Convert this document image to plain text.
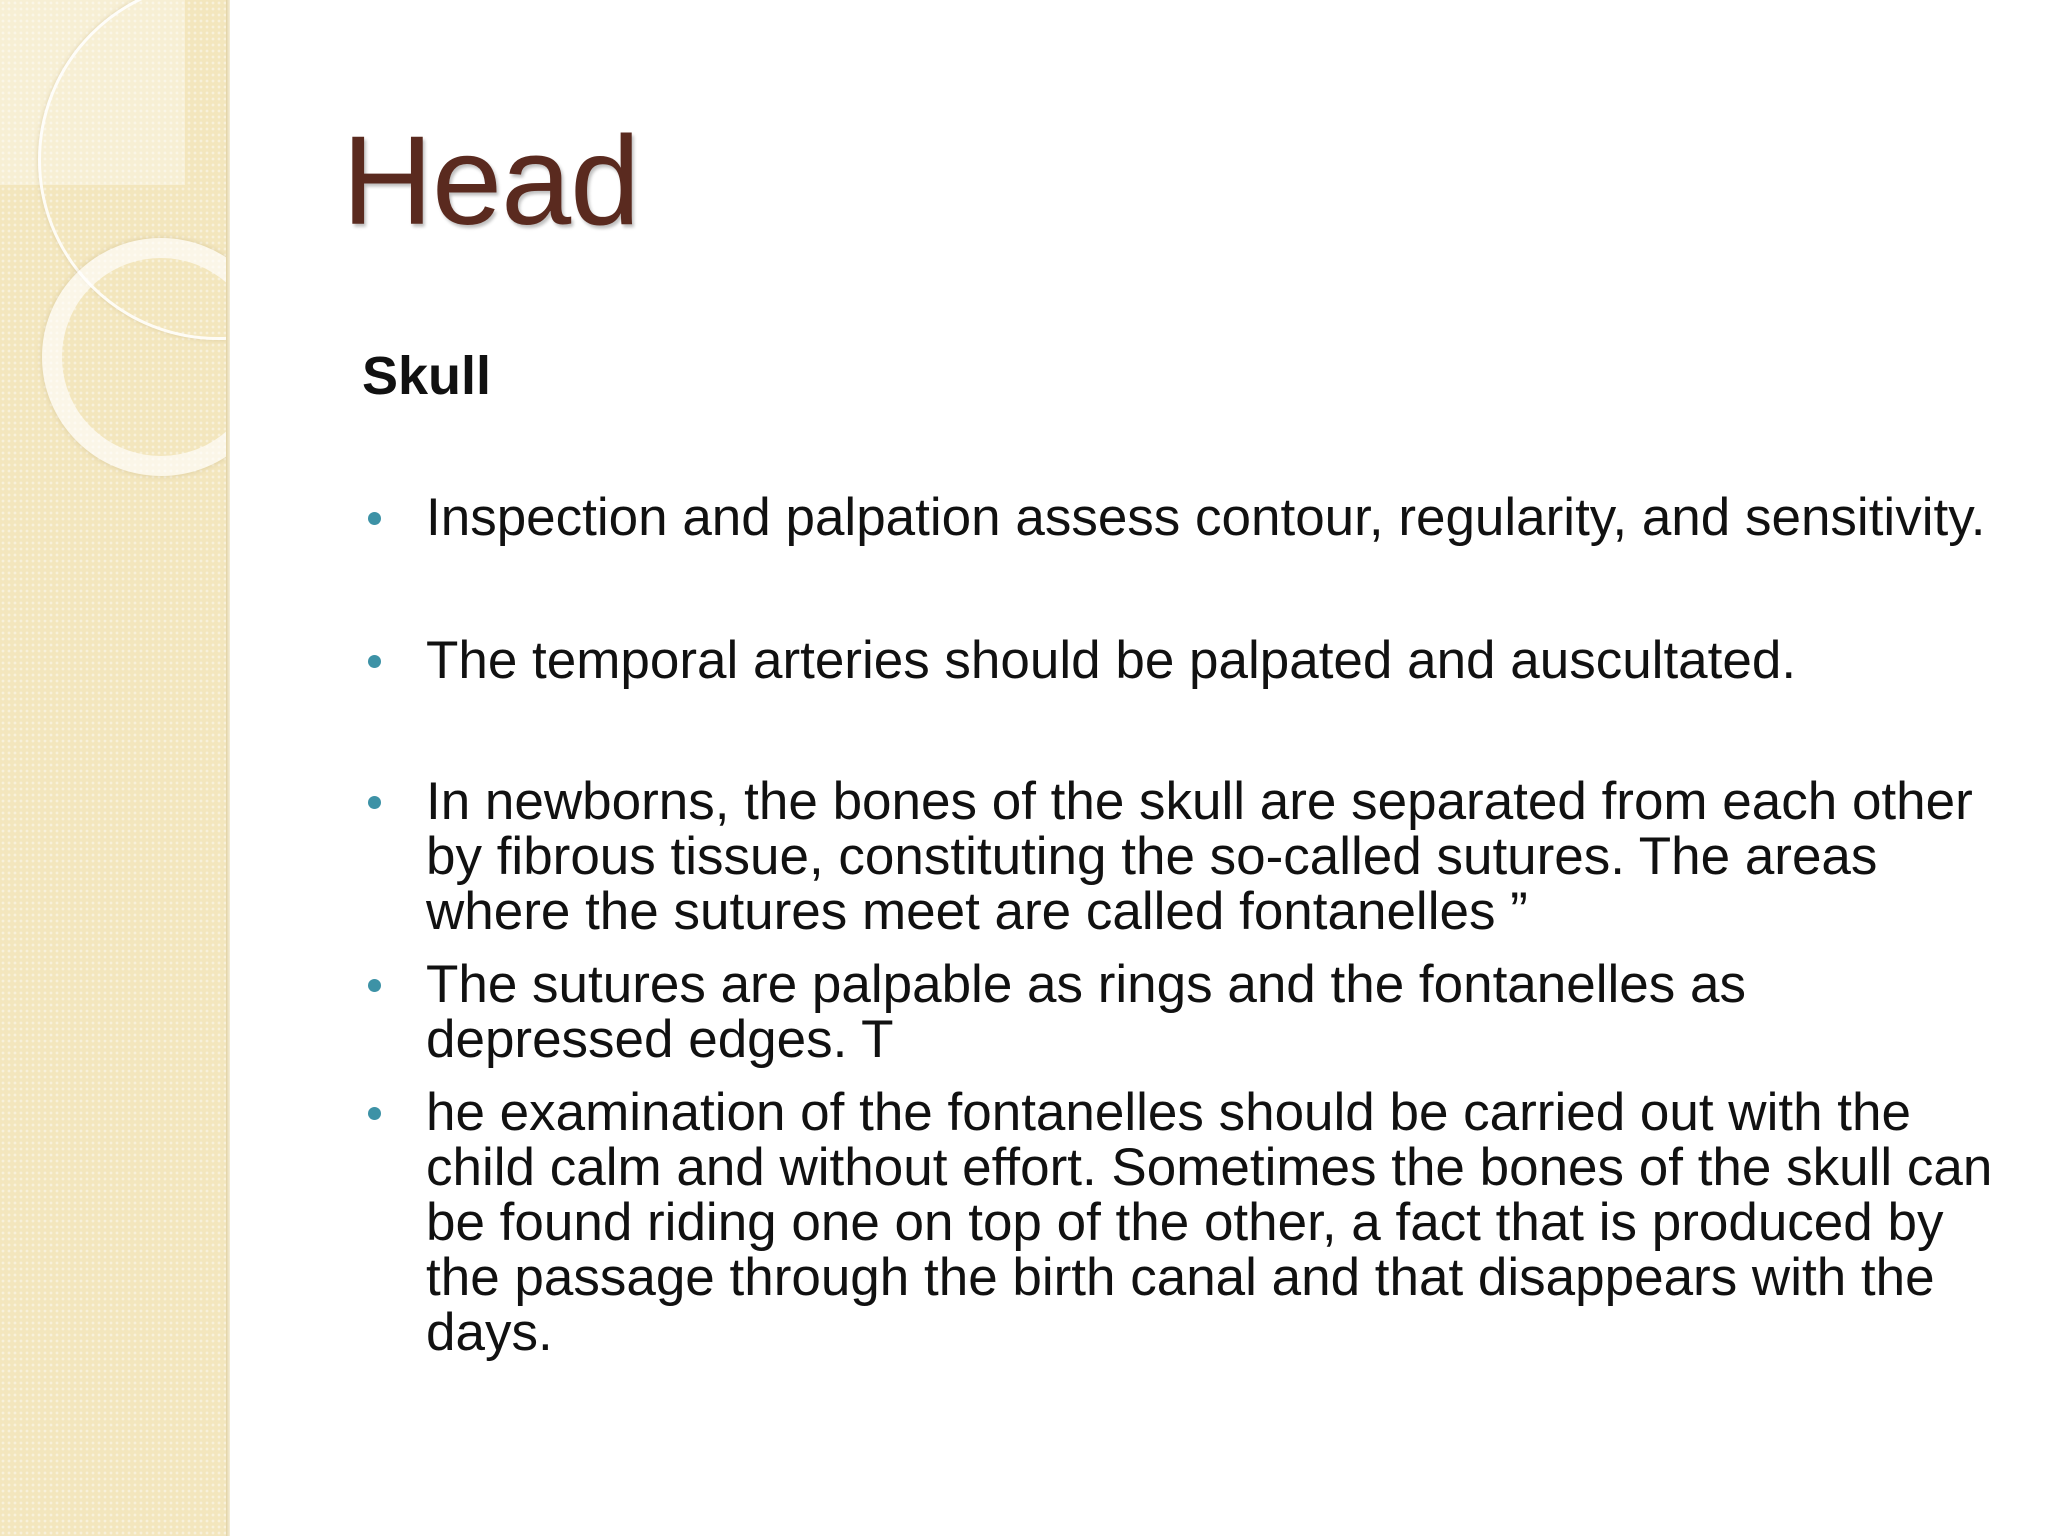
Head
Skull
Inspection and palpation assess contour, regularity, and sensitivity.
The temporal arteries should be palpated and auscultated.
In newborns, the bones of the skull are separated from each other by fibrous tissue, constituting the so-called sutures. The areas where the sutures meet are called fontanelles ”
The sutures are palpable as rings and the fontanelles as depressed edges. T
he examination of the fontanelles should be carried out with the child calm and without effort. Sometimes the bones of the skull can be found riding one on top of the other, a fact that is produced by the passage through the birth canal and that disappears with the days.
